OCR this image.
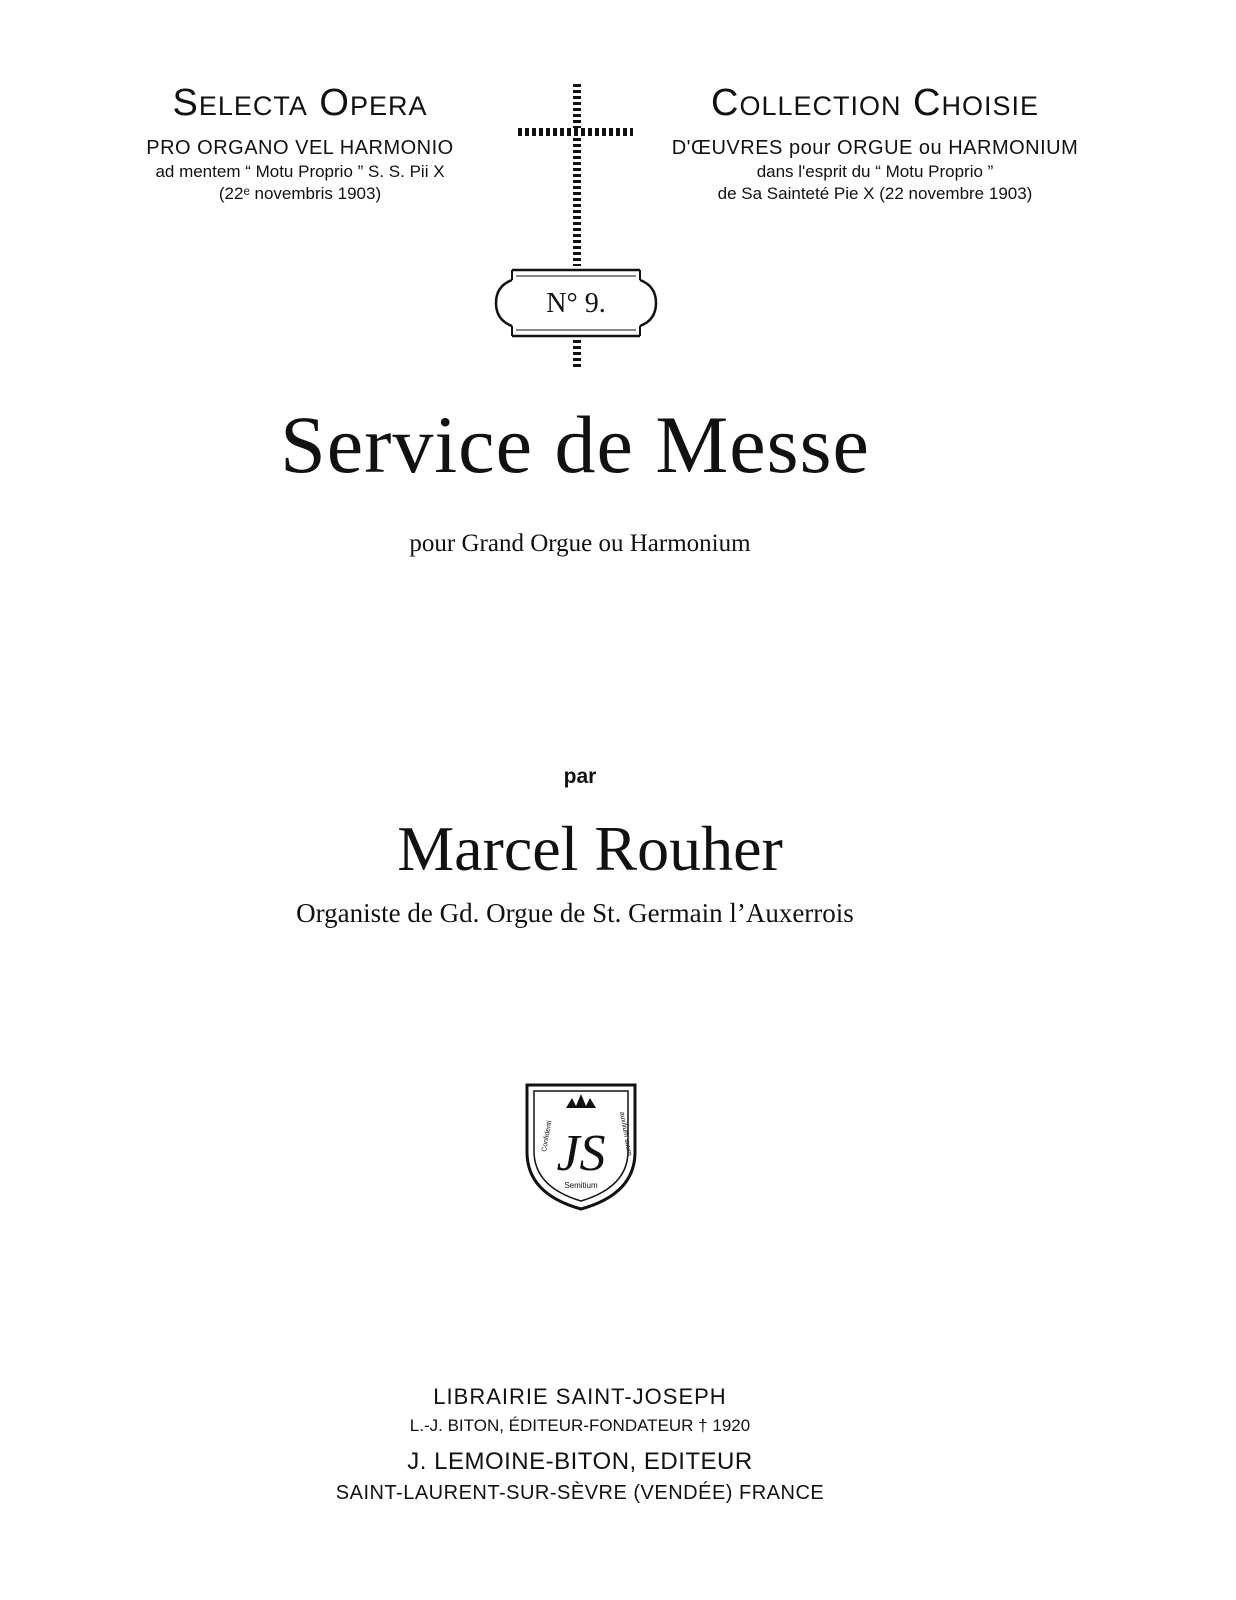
Selecta Opera
PRO ORGANO VEL HARMONIO
ad mentem “ Motu Proprio ” S. S. Pii X
(22ᵉ novembris 1903)
Collection Choisie
D'ŒUVRES pour ORGUE ou HARMONIUM
dans l'esprit du “ Motu Proprio ”
de Sa Sainteté Pie X (22 novembre 1903)
N° 9.
Service de Messe
pour Grand Orgue ou Harmonium
par
Marcel Rouher
Organiste de Gd. Orgue de St. Germain l’Auxerrois
JS
Confidenti	auxilium suum
Semitium
LIBRAIRIE SAINT-JOSEPH
L.-J. BITON, ÉDITEUR-FONDATEUR † 1920
J. LEMOINE-BITON, EDITEUR
SAINT-LAURENT-SUR-SÈVRE (VENDÉE) FRANCE
